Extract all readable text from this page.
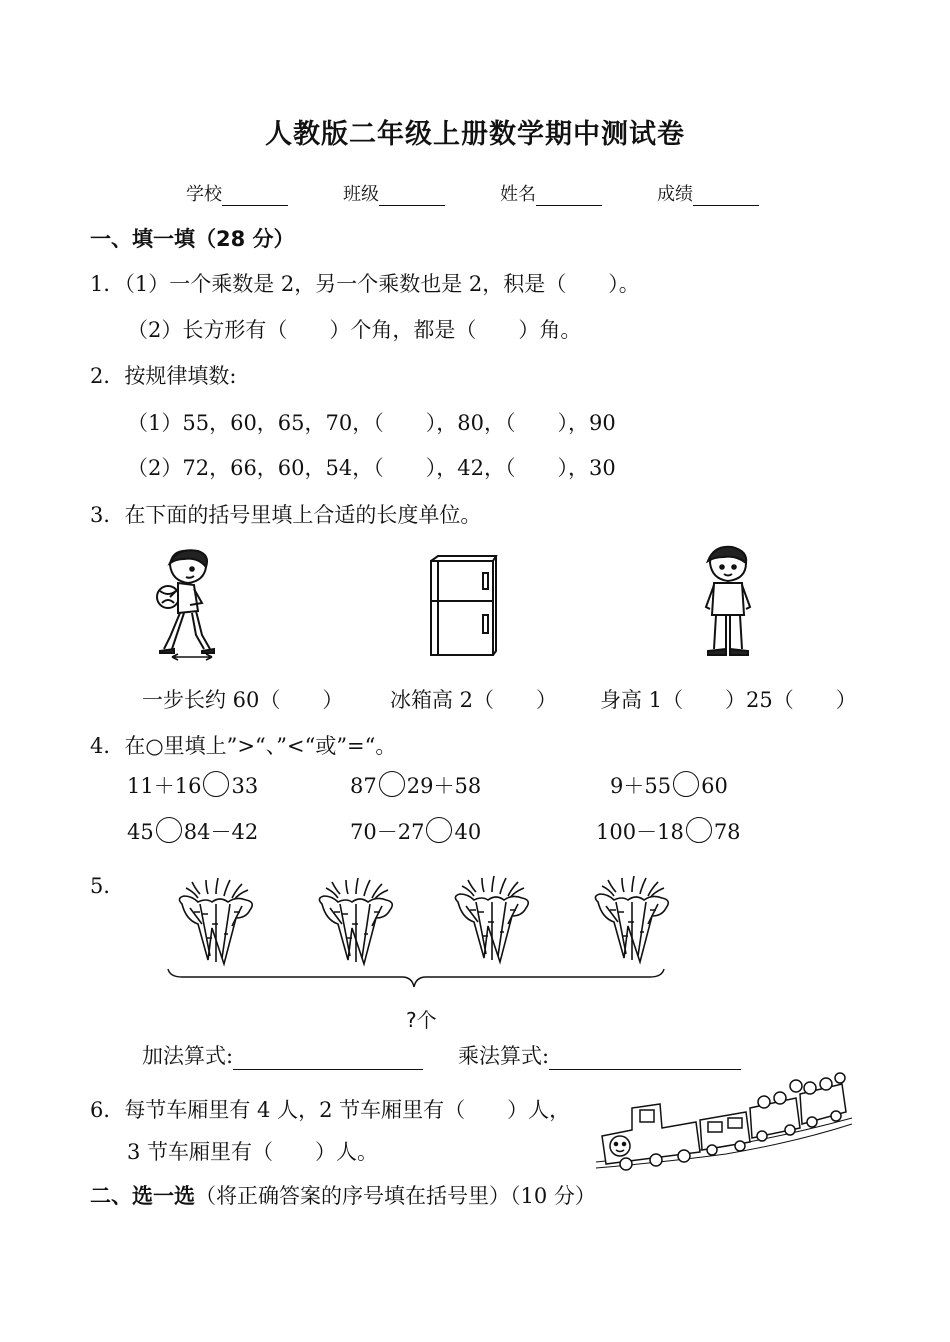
人教版二年级上册数学期中测试卷
学校	班级	姓名	成绩
一、填一填（28 分）
1．（1）一个乘数是 2，另一个乘数也是 2，积是（　　）。
（2）长方形有（　　）个角，都是（　　）角。
2．按规律填数:
（1）55，60，65，70，（　　），80，（　　），90
（2）72，66，60，54，（　　），42，（　　），30
3．在下面的括号里填上合适的长度单位。
一步长约 60（　　） 冰箱高 2（　　） 身高 1（　　）25（　　）
4．在○里填上”>“、”<“或”=“。
11＋16 33	87 29＋58	9＋55 60
45 84－42	70－27 40	100－18 78
5．
?个
加法算式:	乘法算式:
6．每节车厢里有 4 人，2 节车厢里有（　　）人，
3 节车厢里有（　　）人。
二、选一选（将正确答案的序号填在括号里）（10 分）
